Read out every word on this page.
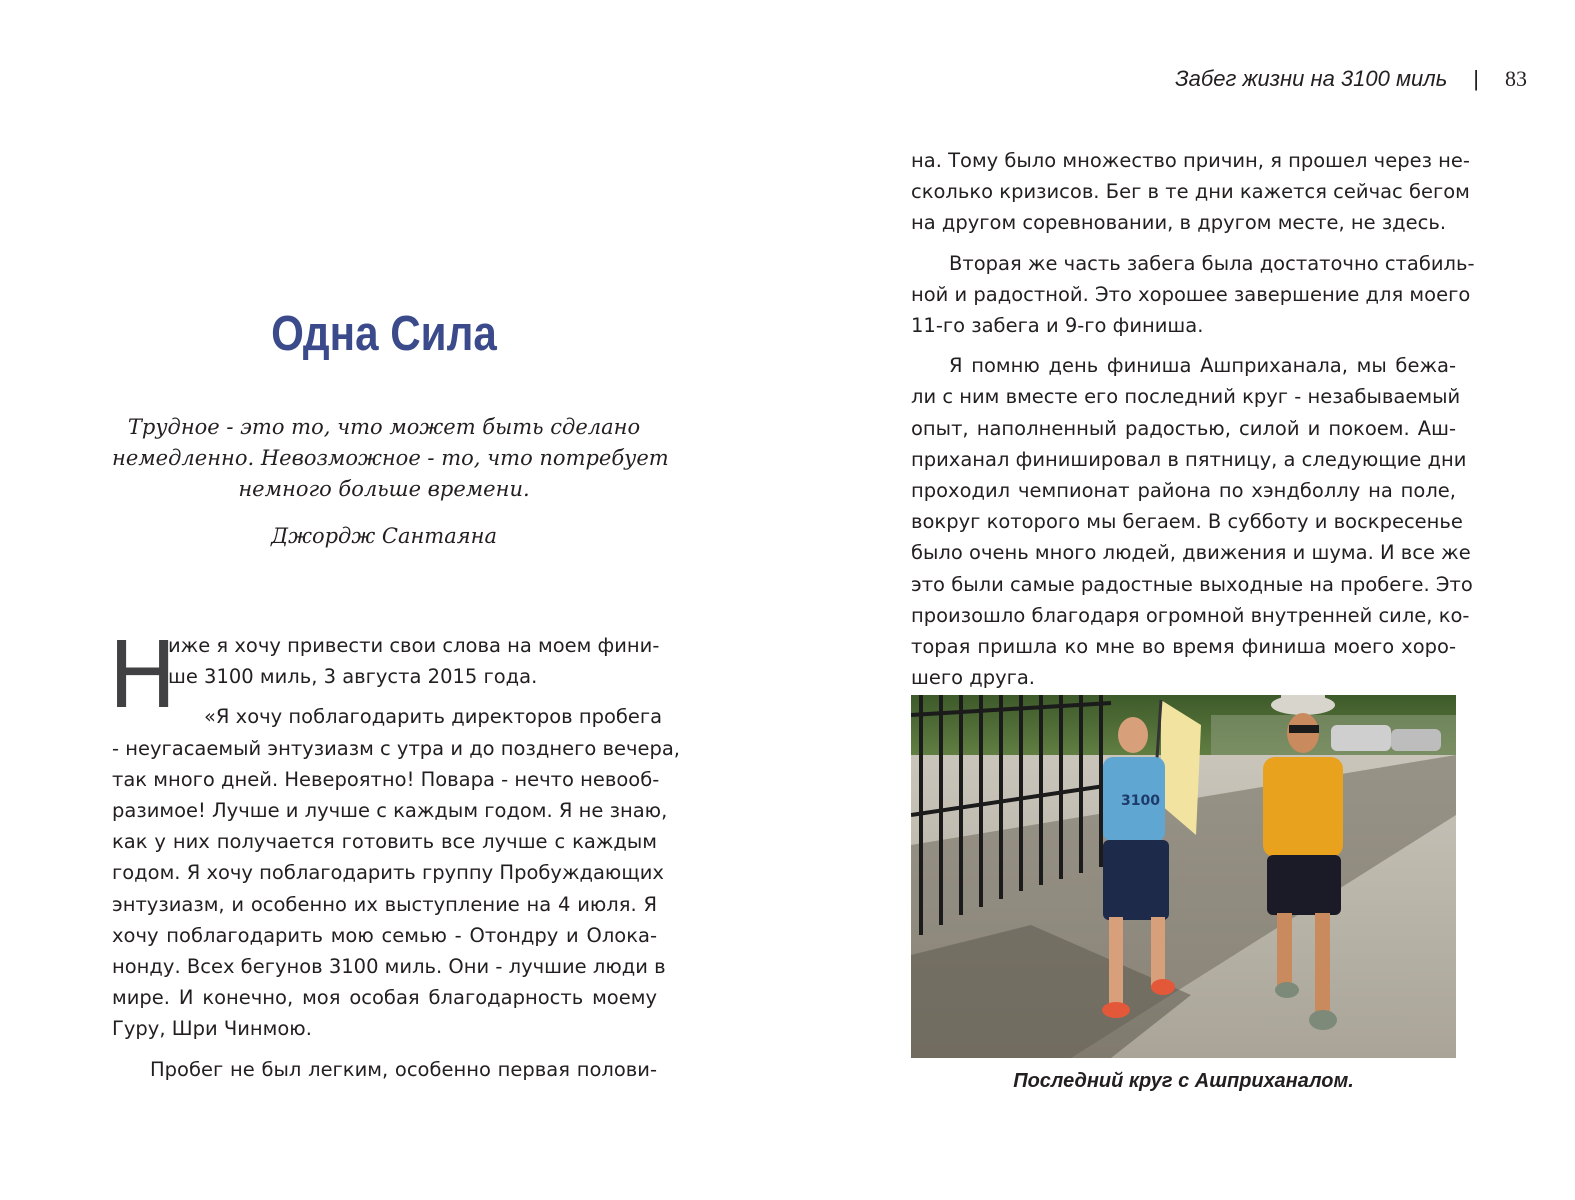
Одна Сила
Трудное - это то, что может быть сделано
немедленно. Невозможное - то, что потребует
немного больше времени.
Джордж Сантаяна
Н
иже я хочу привести свои слова на моем фини-
ше 3100 миль, 3 августа 2015 года.
«Я хочу поблагодарить директоров пробега
- неугасаемый энтузиазм с утра и до позднего вечера,
так много дней. Невероятно! Повара - нечто невооб-
разимое! Лучше и лучше с каждым годом. Я не знаю,
как у них получается готовить все лучше с каждым
годом. Я хочу поблагодарить группу Пробуждающих
энтузиазм, и особенно их выступление на 4 июля. Я
хочу поблагодарить мою семью - Отондру и Олока-
нонду. Всех бегунов 3100 миль. Они - лучшие люди в
мире. И конечно, моя особая благодарность моему
Гуру, Шри Чинмою.
Пробег не был легким, особенно первая полови-
Забег жизни на 3100 миль | 83
на. Тому было множество причин, я прошел через не-
сколько кризисов. Бег в те дни кажется сейчас бегом
на другом соревновании, в другом месте, не здесь.
Вторая же часть забега была достаточно стабиль-
ной и радостной. Это хорошее завершение для моего
11-го забега и 9-го финиша.
Я помню день финиша Ашприханала, мы бежа-
ли с ним вместе его последний круг - незабываемый
опыт, наполненный радостью, силой и покоем. Аш-
приханал финишировал в пятницу, а следующие дни
проходил чемпионат района по хэндболлу на поле,
вокруг которого мы бегаем. В субботу и воскресенье
было очень много людей, движения и шума. И все же
это были самые радостные выходные на пробеге. Это
произошло благодаря огромной внутренней силе, ко-
торая пришла ко мне во время финиша моего хоро-
шего друга.
3100
Последний круг с Ашприханалом.
